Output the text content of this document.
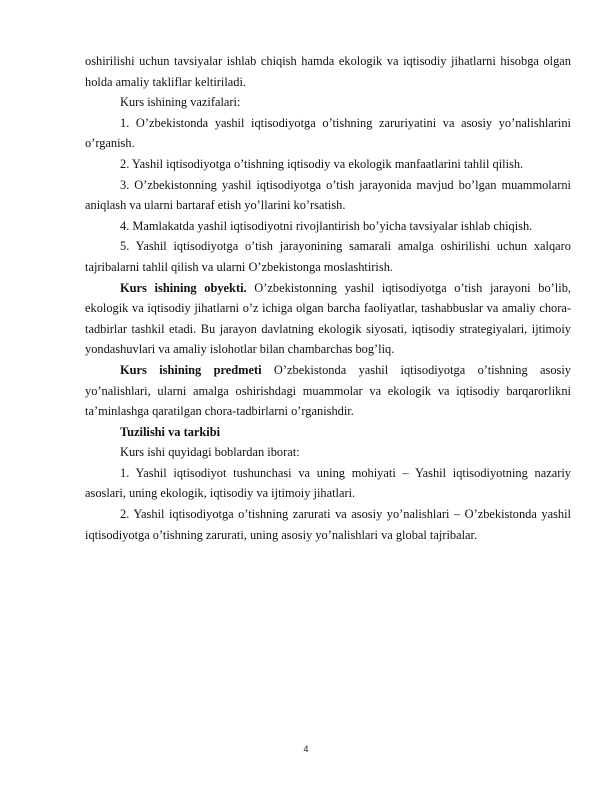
oshirilishi uchun tavsiyalar ishlab chiqish hamda ekologik va iqtisodiy jihatlarni hisobga olgan holda amaliy takliflar keltiriladi.

Kurs ishining vazifalari:

1. O’zbekistonda yashil iqtisodiyotga o’tishning zaruriyatini va asosiy yo’nalishlarini o’rganish.

2. Yashil iqtisodiyotga o’tishning iqtisodiy va ekologik manfaatlarini tahlil qilish.

3. O’zbekistonning yashil iqtisodiyotga o’tish jarayonida mavjud bo’lgan muammolarni aniqlash va ularni bartaraf etish yo’llarini ko’rsatish.

4. Mamlakatda yashil iqtisodiyotni rivojlantirish bo’yicha tavsiyalar ishlab chiqish.

5. Yashil iqtisodiyotga o’tish jarayonining samarali amalga oshirilishi uchun xalqaro tajribalarni tahlil qilish va ularni O’zbekistonga moslashtirish.

Kurs ishining obyekti. O’zbekistonning yashil iqtisodiyotga o’tish jarayoni bo’lib, ekologik va iqtisodiy jihatlarni o’z ichiga olgan barcha faoliyatlar, tashabbuslar va amaliy chora-tadbirlar tashkil etadi. Bu jarayon davlatning ekologik siyosati, iqtisodiy strategiyalari, ijtimoiy yondashuvlari va amaliy islohotlar bilan chambarchas bog’liq.

Kurs ishining predmeti O’zbekistonda yashil iqtisodiyotga o’tishning asosiy yo’nalishlari, ularni amalga oshirishdagi muammolar va ekologik va iqtisodiy barqarorlikni ta’minlashga qaratilgan chora-tadbirlarni o’rganishdir.

Tuzilishi va tarkibi

Kurs ishi quyidagi boblardan iborat:

1. Yashil iqtisodiyot tushunchasi va uning mohiyati – Yashil iqtisodiyotning nazariy asoslari, uning ekologik, iqtisodiy va ijtimoiy jihatlari.

2. Yashil iqtisodiyotga o’tishning zarurati va asosiy yo’nalishlari – O’zbekistonda yashil iqtisodiyotga o’tishning zarurati, uning asosiy yo’nalishlari va global tajribalar.

4
